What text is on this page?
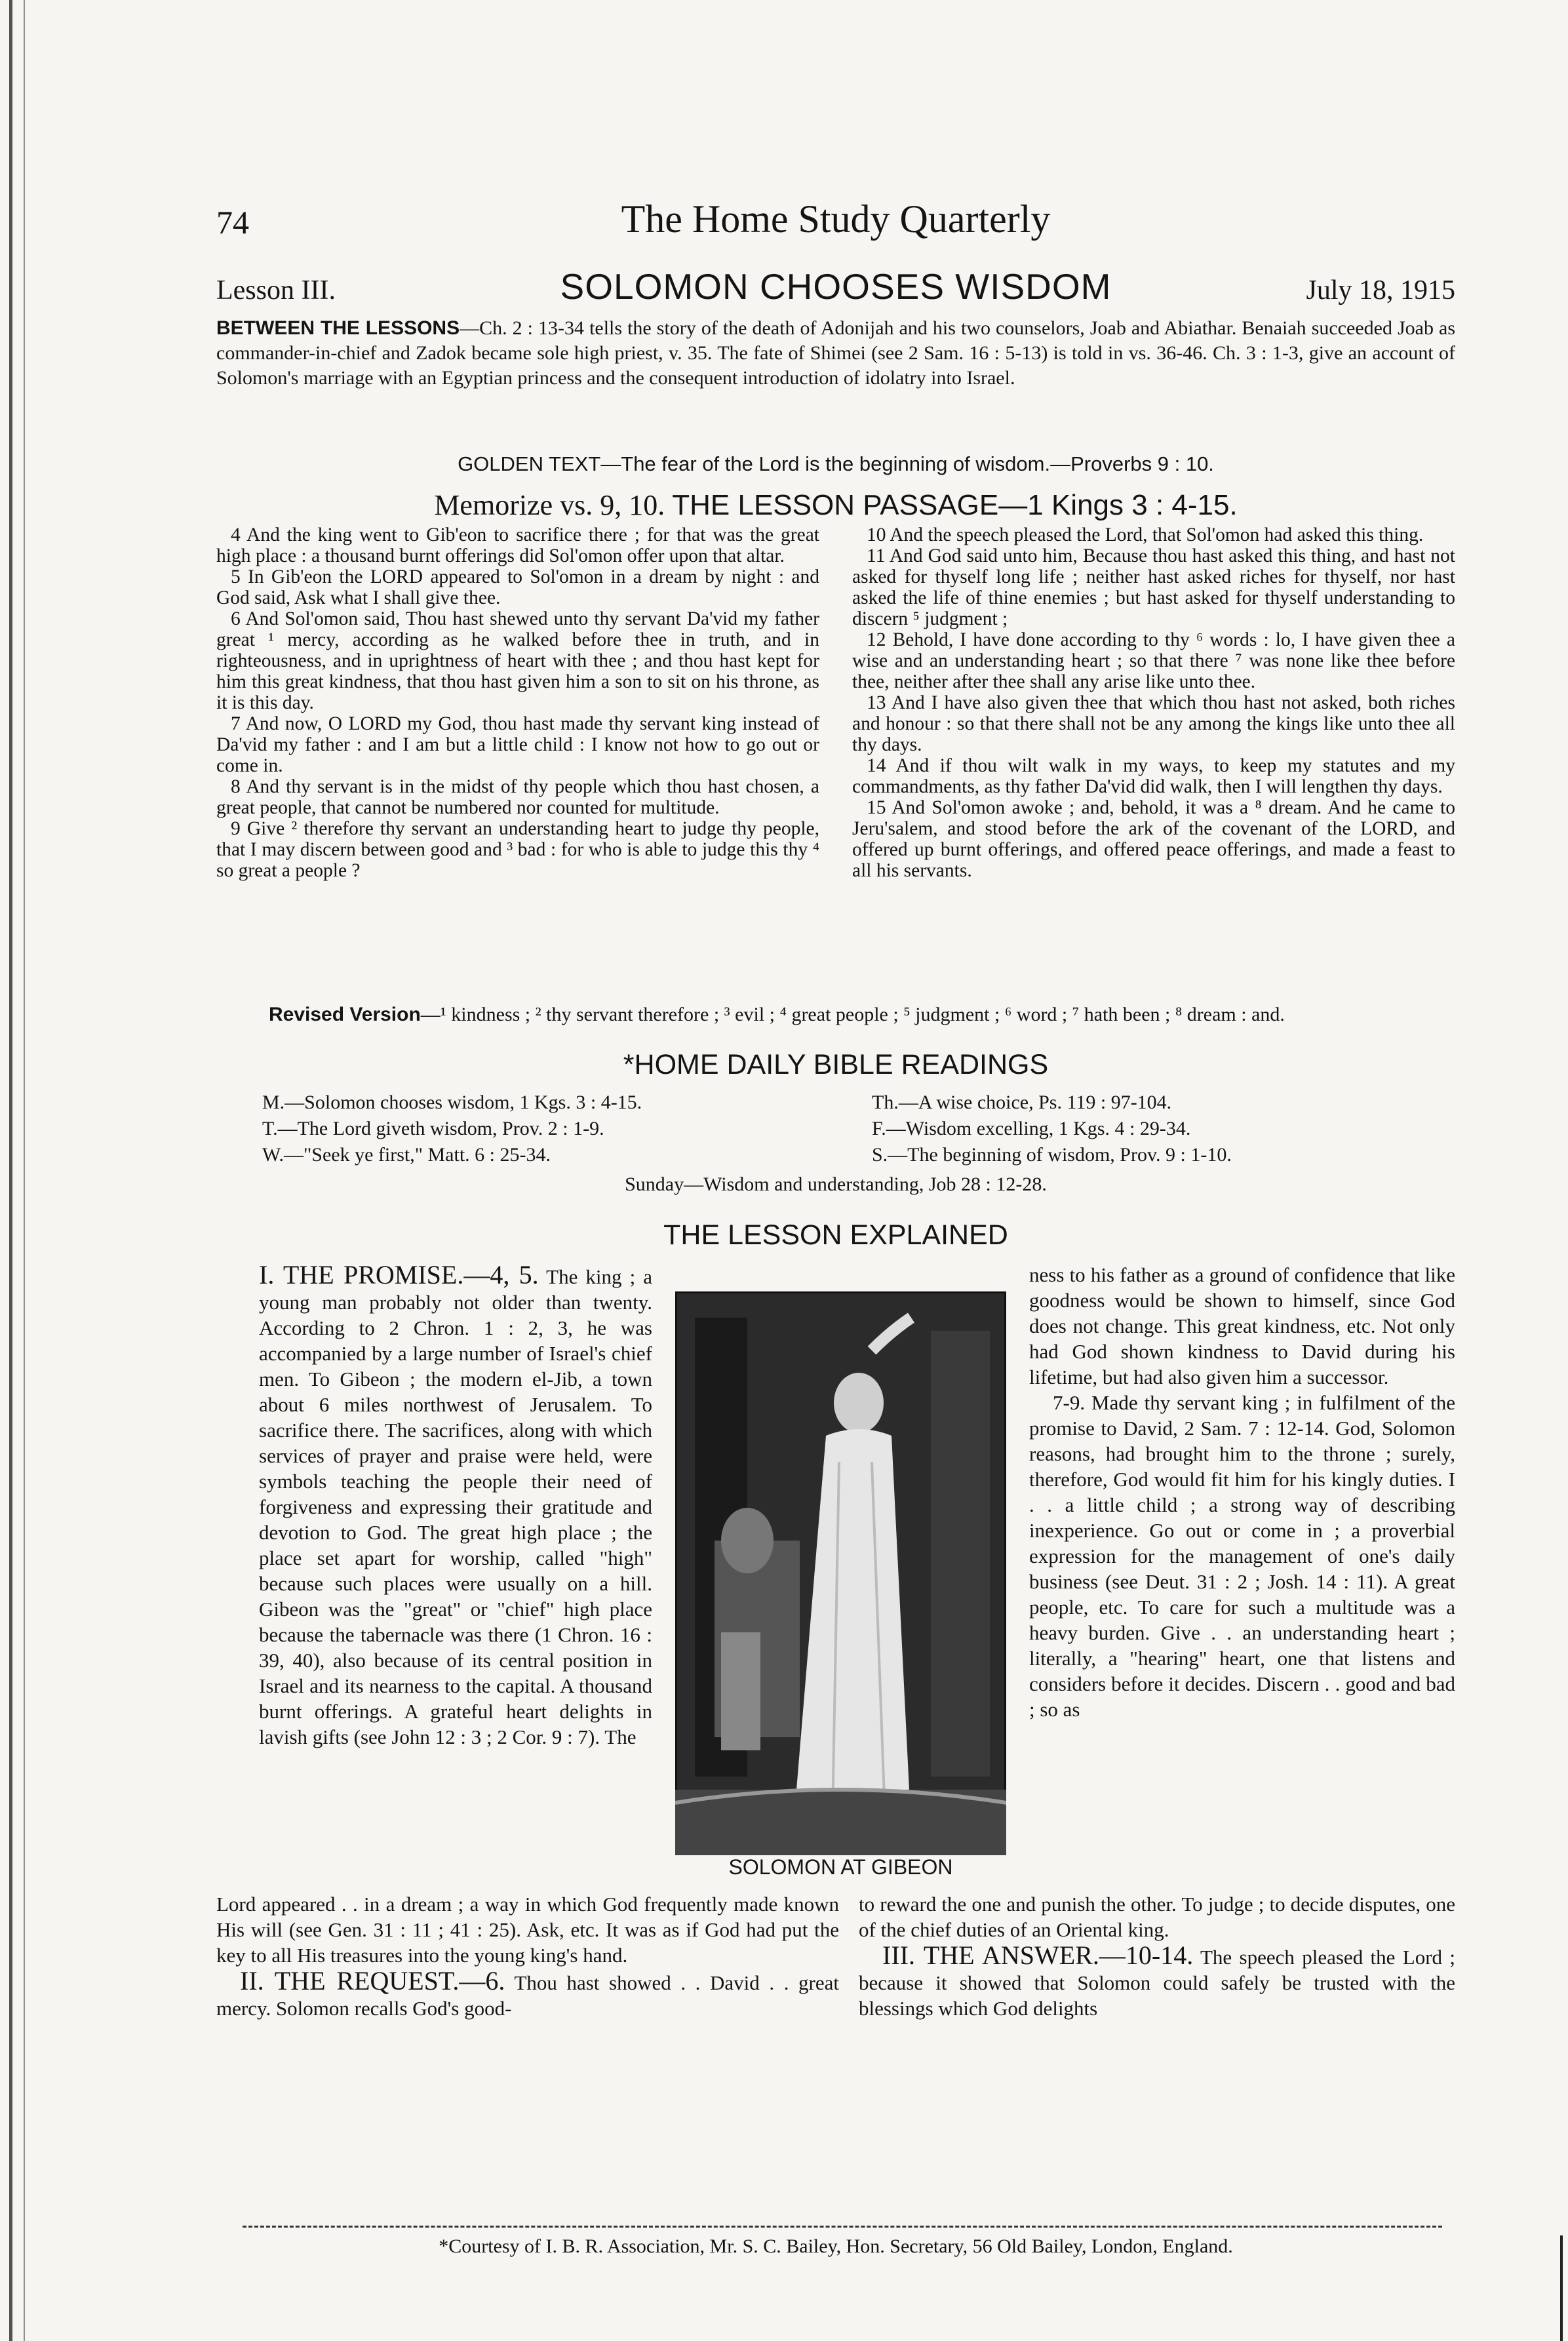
74	The Home Study Quarterly
Lesson III.	SOLOMON CHOOSES WISDOM	July 18, 1915
BETWEEN THE LESSONS—Ch. 2 : 13-34 tells the story of the death of Adonijah and his two counselors, Joab and Abiathar. Benaiah succeeded Joab as commander-in-chief and Zadok became sole high priest, v. 35. The fate of Shimei (see 2 Sam. 16 : 5-13) is told in vs. 36-46. Ch. 3 : 1-3, give an account of Solomon's marriage with an Egyptian princess and the consequent introduction of idolatry into Israel.
GOLDEN TEXT—The fear of the Lord is the beginning of wisdom.—Proverbs 9 : 10.
Memorize vs. 9, 10. THE LESSON PASSAGE—1 Kings 3 : 4-15.

4 And the king went to Gib'eon to sacrifice there ; for that was the great high place : a thousand burnt offerings did Sol'omon offer upon that altar.

5 In Gib'eon the LORD appeared to Sol'omon in a dream by night : and God said, Ask what I shall give thee.

6 And Sol'omon said, Thou hast shewed unto thy servant Da'vid my father great ¹ mercy, according as he walked before thee in truth, and in righteousness, and in uprightness of heart with thee ; and thou hast kept for him this great kindness, that thou hast given him a son to sit on his throne, as it is this day.

7 And now, O LORD my God, thou hast made thy servant king instead of Da'vid my father : and I am but a little child : I know not how to go out or come in.

8 And thy servant is in the midst of thy people which thou hast chosen, a great people, that cannot be numbered nor counted for multitude.

9 Give ² therefore thy servant an understanding heart to judge thy people, that I may discern between good and ³ bad : for who is able to judge this thy ⁴ so great a people ?

10 And the speech pleased the Lord, that Sol'omon had asked this thing.

11 And God said unto him, Because thou hast asked this thing, and hast not asked for thyself long life ; neither hast asked riches for thyself, nor hast asked the life of thine enemies ; but hast asked for thyself understanding to discern ⁵ judgment ;

12 Behold, I have done according to thy ⁶ words : lo, I have given thee a wise and an understanding heart ; so that there ⁷ was none like thee before thee, neither after thee shall any arise like unto thee.

13 And I have also given thee that which thou hast not asked, both riches and honour : so that there shall not be any among the kings like unto thee all thy days.

14 And if thou wilt walk in my ways, to keep my statutes and my commandments, as thy father Da'vid did walk, then I will lengthen thy days.

15 And Sol'omon awoke ; and, behold, it was a ⁸ dream. And he came to Jeru'salem, and stood before the ark of the covenant of the LORD, and offered up burnt offerings, and offered peace offerings, and made a feast to all his servants.

Revised Version—¹ kindness ; ² thy servant therefore ; ³ evil ; ⁴ great people ; ⁵ judgment ; ⁶ word ; ⁷ hath been ; ⁸ dream : and.
*HOME DAILY BIBLE READINGS
M.—Solomon chooses wisdom, 1 Kgs. 3 : 4-15.	Th.—A wise choice, Ps. 119 : 97-104.
T.—The Lord giveth wisdom, Prov. 2 : 1-9.	F.—Wisdom excelling, 1 Kgs. 4 : 29-34.
W.—"Seek ye first," Matt. 6 : 25-34.	S.—The beginning of wisdom, Prov. 9 : 1-10.
Sunday—Wisdom and understanding, Job 28 : 12-28.
THE LESSON EXPLAINED

I. THE PROMISE.—4, 5. The king ; a young man probably not older than twenty. According to 2 Chron. 1 : 2, 3, he was accompanied by a large number of Israel's chief men. To Gibeon ; the modern el-Jib, a town about 6 miles northwest of Jerusalem. To sacrifice there. The sacrifices, along with which services of prayer and praise were held, were symbols teaching the people their need of forgiveness and expressing their gratitude and devotion to God. The great high place ; the place set apart for worship, called "high" because such places were usually on a hill. Gibeon was the "great" or "chief" high place because the tabernacle was there (1 Chron. 16 : 39, 40), also because of its central position in Israel and its nearness to the capital. A thousand burnt offerings. A grateful heart delights in lavish gifts (see John 12 : 3 ; 2 Cor. 9 : 7). The

SOLOMON AT GIBEON

ness to his father as a ground of confidence that like goodness would be shown to himself, since God does not change. This great kindness, etc. Not only had God shown kindness to David during his lifetime, but had also given him a successor.

7-9. Made thy servant king ; in fulfilment of the promise to David, 2 Sam. 7 : 12-14. God, Solomon reasons, had brought him to the throne ; surely, therefore, God would fit him for his kingly duties. I . . a little child ; a strong way of describing inexperience. Go out or come in ; a proverbial expression for the management of one's daily business (see Deut. 31 : 2 ; Josh. 14 : 11). A great people, etc. To care for such a multitude was a heavy burden. Give . . an understanding heart ; literally, a "hearing" heart, one that listens and considers before it decides. Discern . . good and bad ; so as

Lord appeared . . in a dream ; a way in which God frequently made known His will (see Gen. 31 : 11 ; 41 : 25). Ask, etc. It was as if God had put the key to all His treasures into the young king's hand.

II. THE REQUEST.—6. Thou hast showed . . David . . great mercy. Solomon recalls God's good-

to reward the one and punish the other. To judge ; to decide disputes, one of the chief duties of an Oriental king.

III. THE ANSWER.—10-14. The speech pleased the Lord ; because it showed that Solomon could safely be trusted with the blessings which God delights

*Courtesy of I. B. R. Association, Mr. S. C. Bailey, Hon. Secretary, 56 Old Bailey, London, England.
